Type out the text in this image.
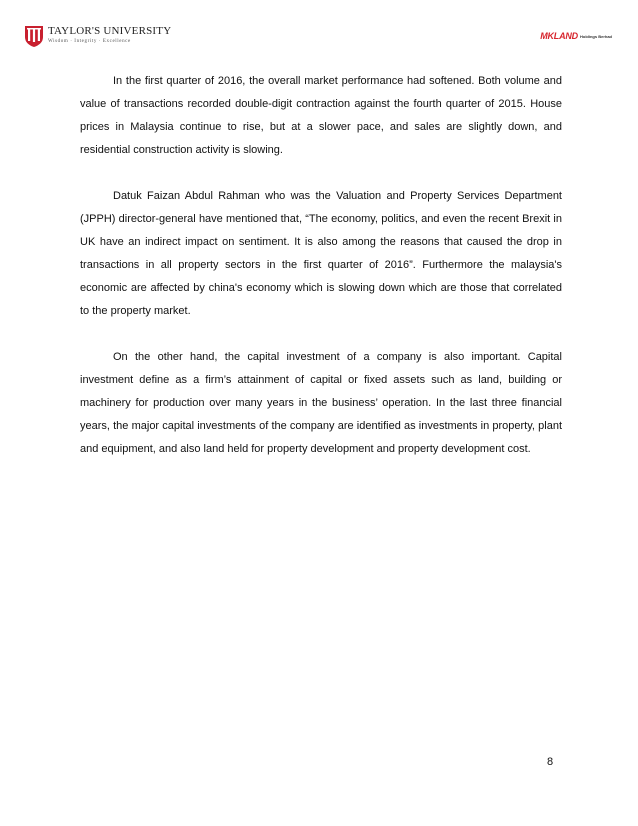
TAYLOR'S UNIVERSITY
Wisdom · Integrity · Excellence
MKLAND Holdings Berhad

In the first quarter of 2016, the overall market performance had softened. Both volume and value of transactions recorded double-digit contraction against the fourth quarter of 2015. House prices in Malaysia continue to rise, but at a slower pace, and sales are slightly down, and residential construction activity is slowing.

Datuk Faizan Abdul Rahman who was the Valuation and Property Services Department (JPPH) director-general have mentioned that, “The economy, politics, and even the recent Brexit in UK have an indirect impact on sentiment. It is also among the reasons that caused the drop in transactions in all property sectors in the first quarter of 2016”. Furthermore the malaysia's economic are affected by china's economy which is slowing down which are those that correlated to the property market.

On the other hand, the capital investment of a company is also important. Capital investment define as a firm’s attainment of capital or fixed assets such as land, building or machinery for production over many years in the business’ operation. In the last three financial years, the major capital investments of the company are identified as investments in property, plant and equipment, and also land held for property development and property development cost.

8
